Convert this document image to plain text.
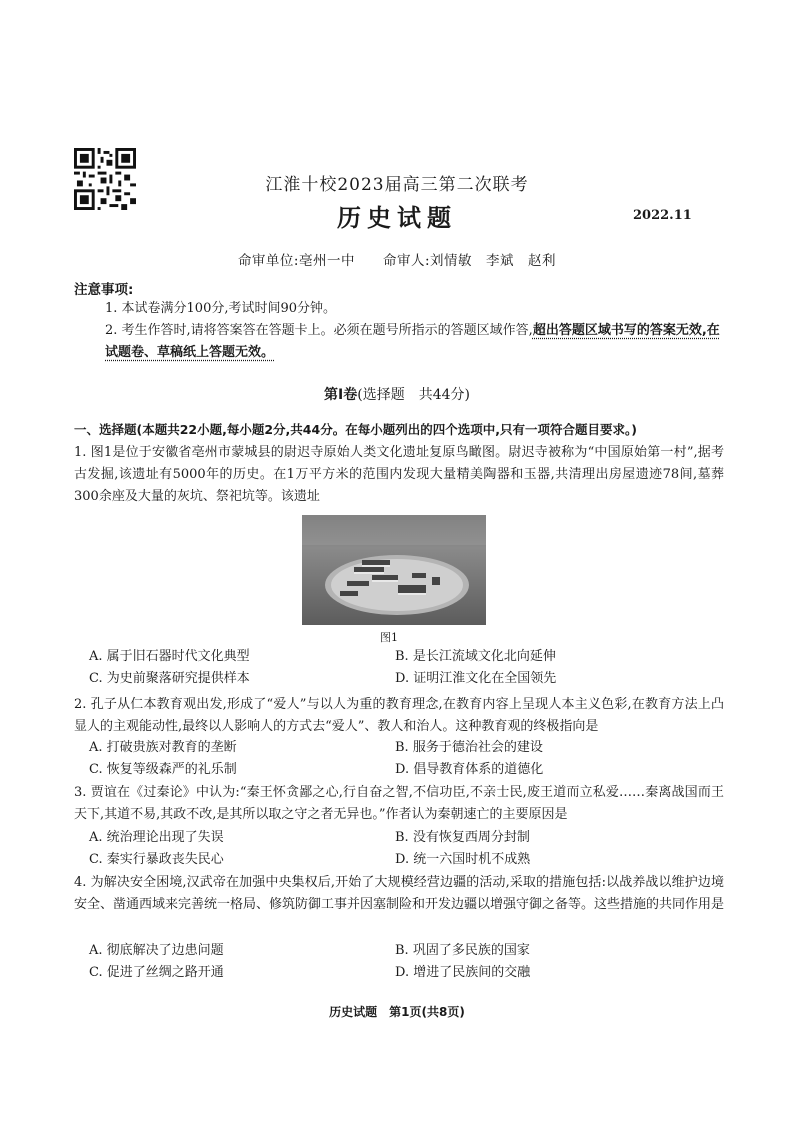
江淮十校2023届高三第二次联考
历史试题	2022.11
命审单位:亳州一中　　命审人:刘情敏　李斌　赵利
注意事项:
1. 本试卷满分100分,考试时间90分钟。
2. 考生作答时,请将答案答在答题卡上。必须在题号所指示的答题区域作答,超出答题区域书写的答案无效,在试题卷、草稿纸上答题无效。
第Ⅰ卷(选择题　共44分)
一、选择题(本题共22小题,每小题2分,共44分。在每小题列出的四个选项中,只有一项符合题目要求。)
1. 图1是位于安徽省亳州市蒙城县的尉迟寺原始人类文化遗址复原鸟瞰图。尉迟寺被称为“中国原始第一村”,据考古发掘,该遗址有5000年的历史。在1万平方米的范围内发现大量精美陶器和玉器,共清理出房屋遗迹78间,墓葬300余座及大量的灰坑、祭祀坑等。该遗址
图1
A. 属于旧石器时代文化典型	B. 是长江流域文化北向延伸
C. 为史前聚落研究提供样本	D. 证明江淮文化在全国领先
2. 孔子从仁本教育观出发,形成了“爱人”与以人为重的教育理念,在教育内容上呈现人本主义色彩,在教育方法上凸显人的主观能动性,最终以人影响人的方式去“爱人”、教人和治人。这种教育观的终极指向是
A. 打破贵族对教育的垄断	B. 服务于德治社会的建设
C. 恢复等级森严的礼乐制	D. 倡导教育体系的道德化
3. 贾谊在《过秦论》中认为:“秦王怀贪鄙之心,行自奋之智,不信功臣,不亲士民,废王道而立私爱……秦离战国而王天下,其道不易,其政不改,是其所以取之守之者无异也。”作者认为秦朝速亡的主要原因是
A. 统治理论出现了失误	B. 没有恢复西周分封制
C. 秦实行暴政丧失民心	D. 统一六国时机不成熟
4. 为解决安全困境,汉武帝在加强中央集权后,开始了大规模经营边疆的活动,采取的措施包括:以战养战以维护边境安全、凿通西域来完善统一格局、修筑防御工事并因塞制险和开发边疆以增强守御之备等。这些措施的共同作用是
A. 彻底解决了边患问题	B. 巩固了多民族的国家
C. 促进了丝绸之路开通	D. 增进了民族间的交融
历史试题　第1页(共8页)
